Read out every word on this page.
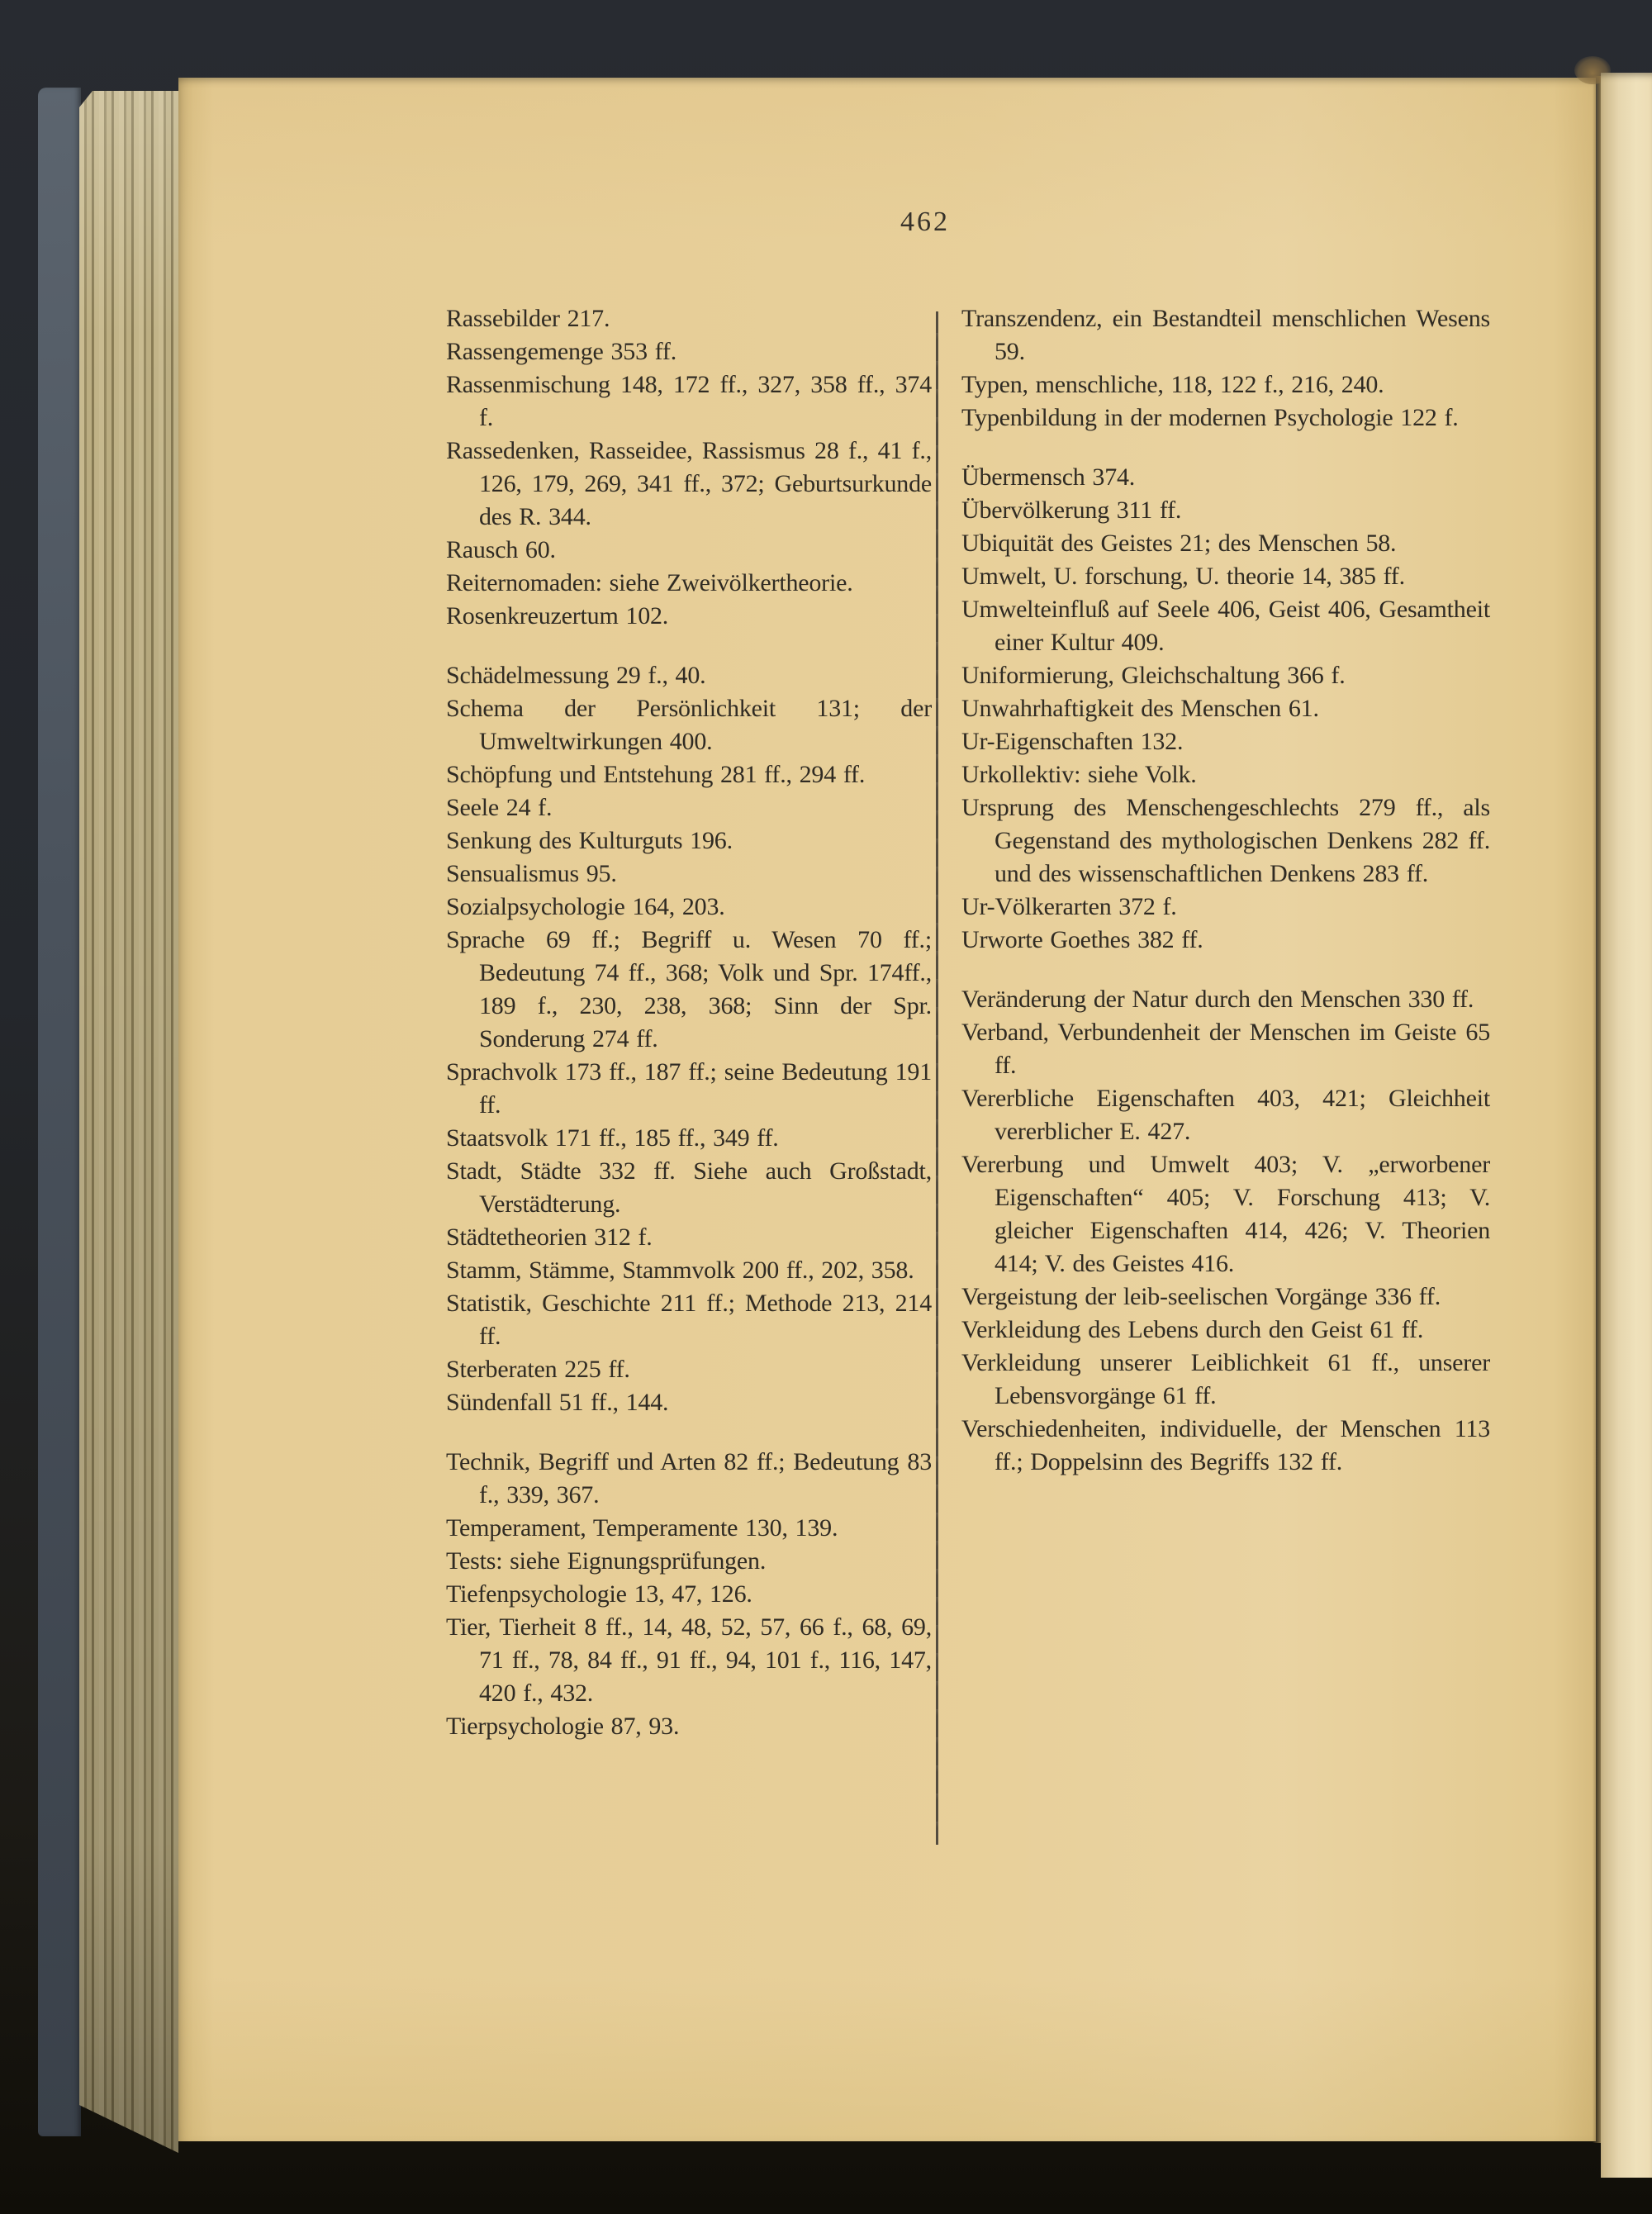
462
Rassebilder 217.
Rassengemenge 353 ff.
Rassenmischung 148, 172 ff., 327, 358 ff., 374 f.
Rassedenken, Rasseidee, Rassismus 28 f., 41 f., 126, 179, 269, 341 ff., 372; Geburtsurkunde des R. 344.
Rausch 60.
Reiternomaden: siehe Zweivölkertheorie.
Rosenkreuzertum 102.
Schädelmessung 29 f., 40.
Schema der Persönlichkeit 131; der Umweltwirkungen 400.
Schöpfung und Entstehung 281 ff., 294 ff.
Seele 24 f.
Senkung des Kulturguts 196.
Sensualismus 95.
Sozialpsychologie 164, 203.
Sprache 69 ff.; Begriff u. Wesen 70 ff.; Bedeutung 74 ff., 368; Volk und Spr. 174ff., 189 f., 230, 238, 368; Sinn der Spr. Sonderung 274 ff.
Sprachvolk 173 ff., 187 ff.; seine Bedeutung 191 ff.
Staatsvolk 171 ff., 185 ff., 349 ff.
Stadt, Städte 332 ff. Siehe auch Großstadt, Verstädterung.
Städtetheorien 312 f.
Stamm, Stämme, Stammvolk 200 ff., 202, 358.
Statistik, Geschichte 211 ff.; Methode 213, 214 ff.
Sterberaten 225 ff.
Sündenfall 51 ff., 144.
Technik, Begriff und Arten 82 ff.; Bedeutung 83 f., 339, 367.
Temperament, Temperamente 130, 139.
Tests: siehe Eignungsprüfungen.
Tiefenpsychologie 13, 47, 126.
Tier, Tierheit 8 ff., 14, 48, 52, 57, 66 f., 68, 69, 71 ff., 78, 84 ff., 91 ff., 94, 101 f., 116, 147, 420 f., 432.
Tierpsychologie 87, 93.
Transzendenz, ein Bestandteil menschlichen Wesens 59.
Typen, menschliche, 118, 122 f., 216, 240.
Typenbildung in der modernen Psychologie 122 f.
Übermensch 374.
Übervölkerung 311 ff.
Ubiquität des Geistes 21; des Menschen 58.
Umwelt, U. forschung, U. theorie 14, 385 ff.
Umwelteinfluß auf Seele 406, Geist 406, Gesamtheit einer Kultur 409.
Uniformierung, Gleichschaltung 366 f.
Unwahrhaftigkeit des Menschen 61.
Ur-Eigenschaften 132.
Urkollektiv: siehe Volk.
Ursprung des Menschengeschlechts 279 ff., als Gegenstand des mythologischen Denkens 282 ff. und des wissenschaftlichen Denkens 283 ff.
Ur-Völkerarten 372 f.
Urworte Goethes 382 ff.
Veränderung der Natur durch den Menschen 330 ff.
Verband, Verbundenheit der Menschen im Geiste 65 ff.
Vererbliche Eigenschaften 403, 421; Gleichheit vererblicher E. 427.
Vererbung und Umwelt 403; V. „erworbener Eigenschaften“ 405; V. Forschung 413; V. gleicher Eigenschaften 414, 426; V. Theorien 414; V. des Geistes 416.
Vergeistung der leib-seelischen Vorgänge 336 ff.
Verkleidung des Lebens durch den Geist 61 ff.
Verkleidung unserer Leiblichkeit 61 ff., unserer Lebensvorgänge 61 ff.
Verschiedenheiten, individuelle, der Menschen 113 ff.; Doppelsinn des Begriffs 132 ff.
